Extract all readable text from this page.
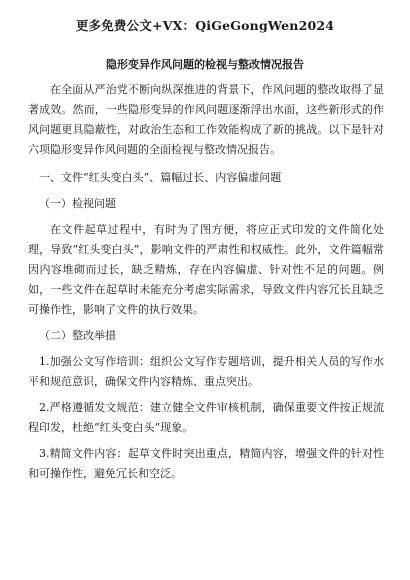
更多免费公文+VX：QiGeGongWen2024
隐形变异作风问题的检视与整改情况报告

在全面从严治党不断向纵深推进的背景下，作风问题的整改取得了显著成效。然而，一些隐形变异的作风问题逐渐浮出水面，这些新形式的作风问题更具隐蔽性，对政治生态和工作效能构成了新的挑战。以下是针对六项隐形变异作风问题的全面检视与整改情况报告。

一、文件“红头变白头”、篇幅过长、内容偏虚问题

（一）检视问题

在文件起草过程中，有时为了图方便，将应正式印发的文件简化处理，导致“红头变白头”，影响文件的严肃性和权威性。此外，文件篇幅常因内容堆砌而过长，缺乏精炼，存在内容偏虚、针对性不足的问题。例如，一些文件在起草时未能充分考虑实际需求，导致文件内容冗长且缺乏可操作性，影响了文件的执行效果。

（二）整改举措

1.加强公文写作培训：组织公文写作专题培训，提升相关人员的写作水平和规范意识，确保文件内容精炼、重点突出。

2.严格遵循发文规范：建立健全文件审核机制，确保重要文件按正规流程印发，杜绝“红头变白头”现象。

3.精简文件内容：起草文件时突出重点，精简内容，增强文件的针对性和可操作性，避免冗长和空泛。
